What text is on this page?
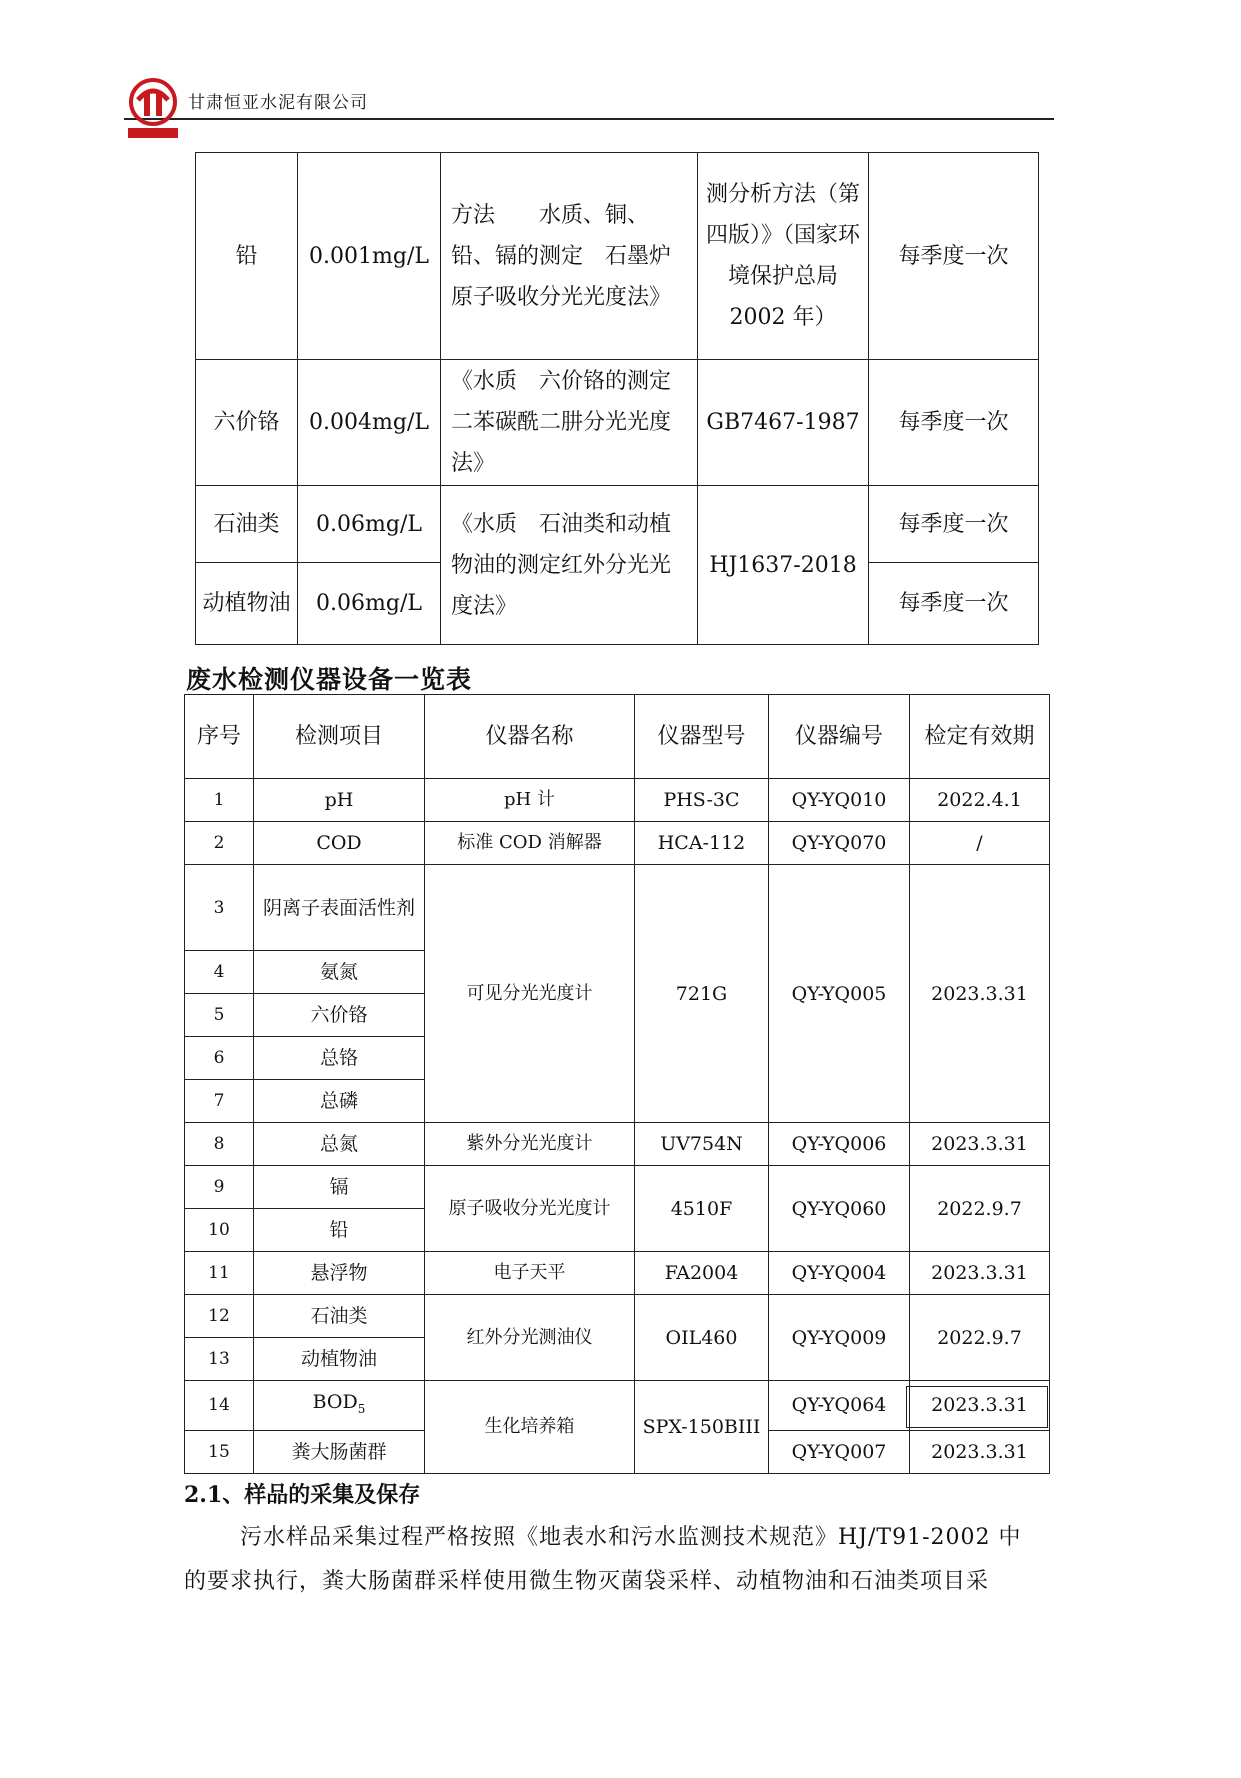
甘肃恒亚水泥有限公司
铅	0.001mg/L	方法　　水质、铜、铅、镉的测定　石墨炉原子吸收分光光度法》	测分析方法（第四版）》（国家环境保护总局 2002 年）	每季度一次
六价铬	0.004mg/L	《水质　六价铬的测定二苯碳酰二肼分光光度法》	GB7467-1987	每季度一次
石油类	0.06mg/L	《水质　石油类和动植物油的测定红外分光光度法》	HJ1637-2018	每季度一次
动植物油	0.06mg/L			每季度一次
废水检测仪器设备一览表
序号	检测项目	仪器名称	仪器型号	仪器编号	检定有效期
1	pH	pH 计	PHS-3C	QY-YQ010	2022.4.1
2	COD	标准 COD 消解器	HCA-112	QY-YQ070	/
3	阴离子表面活性剂	可见分光光度计	721G	QY-YQ005	2023.3.31
4	氨氮				
5	六价铬				
6	总铬				
7	总磷				
8	总氮	紫外分光光度计	UV754N	QY-YQ006	2023.3.31
9	镉	原子吸收分光光度计	4510F	QY-YQ060	2022.9.7
10	铅				
11	悬浮物	电子天平	FA2004	QY-YQ004	2023.3.31
12	石油类	红外分光测油仪	OIL460	QY-YQ009	2022.9.7
13	动植物油				
14	$BOD_5$	生化培养箱	SPX-150BIII	QY-YQ064	2023.3.31
15	粪大肠菌群			QY-YQ007	2023.3.31
2.1、样品的采集及保存
污水样品采集过程严格按照《地表水和污水监测技术规范》HJ/T91-2002 中的要求执行，粪大肠菌群采样使用微生物灭菌袋采样、动植物油和石油类项目采
